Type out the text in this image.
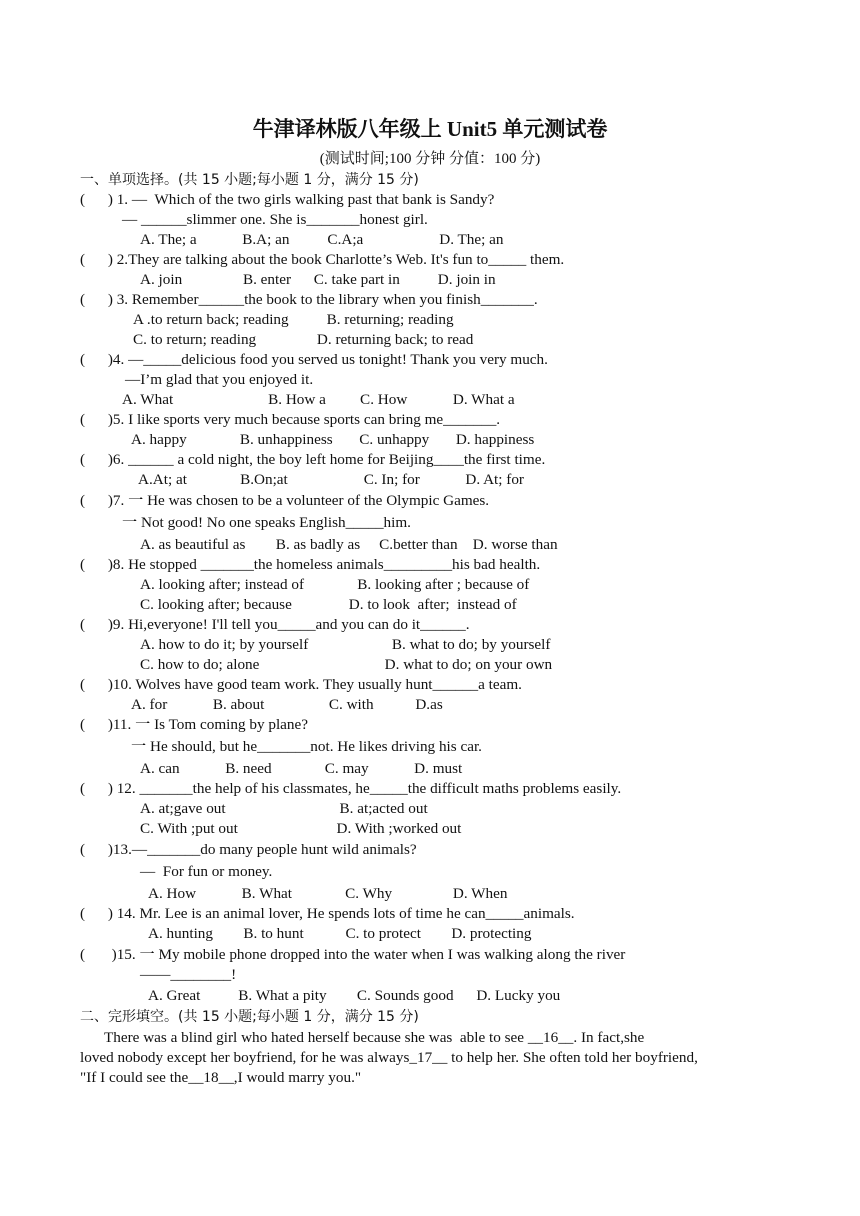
牛津译林版八年级上 Unit5 单元测试卷
(测试时间;100 分钟 分值：100 分)
一、单项选择。(共 15 小题;每小题 1 分，满分 15 分)
(      ) 1. —  Which of the two girls walking past that bank is Sandy?
— ______slimmer one. She is_______honest girl.
A. The; a            B.A; an          C.A;a                    D. The; an
(      ) 2.They are talking about the book Charlotte’s Web. It's fun to_____ them.
A. join                B. enter      C. take part in          D. join in
(      ) 3. Remember______the book to the library when you finish_______.
A .to return back; reading          B. returning; reading
C. to return; reading                D. returning back; to read
(      )4. —_____delicious food you served us tonight! Thank you very much.
—I’m glad that you enjoyed it.
A. What                         B. How a         C. How            D. What a
(      )5. I like sports very much because sports can bring me_______.
A. happy              B. unhappiness       C. unhappy       D. happiness
(      )6. ______ a cold night, the boy left home for Beijing____the first time.
A.At; at              B.On;at                    C. In; for            D. At; for
(      )7. 一 He was chosen to be a volunteer of the Olympic Games.
一 Not good! No one speaks English_____him.
A. as beautiful as        B. as badly as     C.better than    D. worse than
(      )8. He stopped _______the homeless animals_________his bad health.
A. looking after; instead of              B. looking after ; because of
C. looking after; because               D. to look  after;  instead of
(      )9. Hi,everyone! I'll tell you_____and you can do it______.
A. how to do it; by yourself                      B. what to do; by yourself
C. how to do; alone                                 D. what to do; on your own
(      )10. Wolves have good team work. They usually hunt______a team.
A. for            B. about                 C. with           D.as
(      )11. 一 Is Tom coming by plane?
一 He should, but he_______not. He likes driving his car.
A. can            B. need              C. may            D. must
(      ) 12. _______the help of his classmates, he_____the difficult maths problems easily.
A. at;gave out                              B. at;acted out
C. With ;put out                          D. With ;worked out
(      )13.—_______do many people hunt wild animals?
—  For fun or money.
A. How            B. What              C. Why                D. When
(      ) 14. Mr. Lee is an animal lover, He spends lots of time he can_____animals.
A. hunting        B. to hunt           C. to protect        D. protecting
(       )15. 一 My mobile phone dropped into the water when I was walking along the river
——________!
A. Great          B. What a pity        C. Sounds good      D. Lucky you
二、完形填空。(共 15 小题;每小题 1 分，满分 15 分)
There was a blind girl who hated herself because she was  able to see __16__. In fact,she
loved nobody except her boyfriend, for he was always_17__ to help her. She often told her boyfriend,
"If I could see the__18__,I would marry you."
